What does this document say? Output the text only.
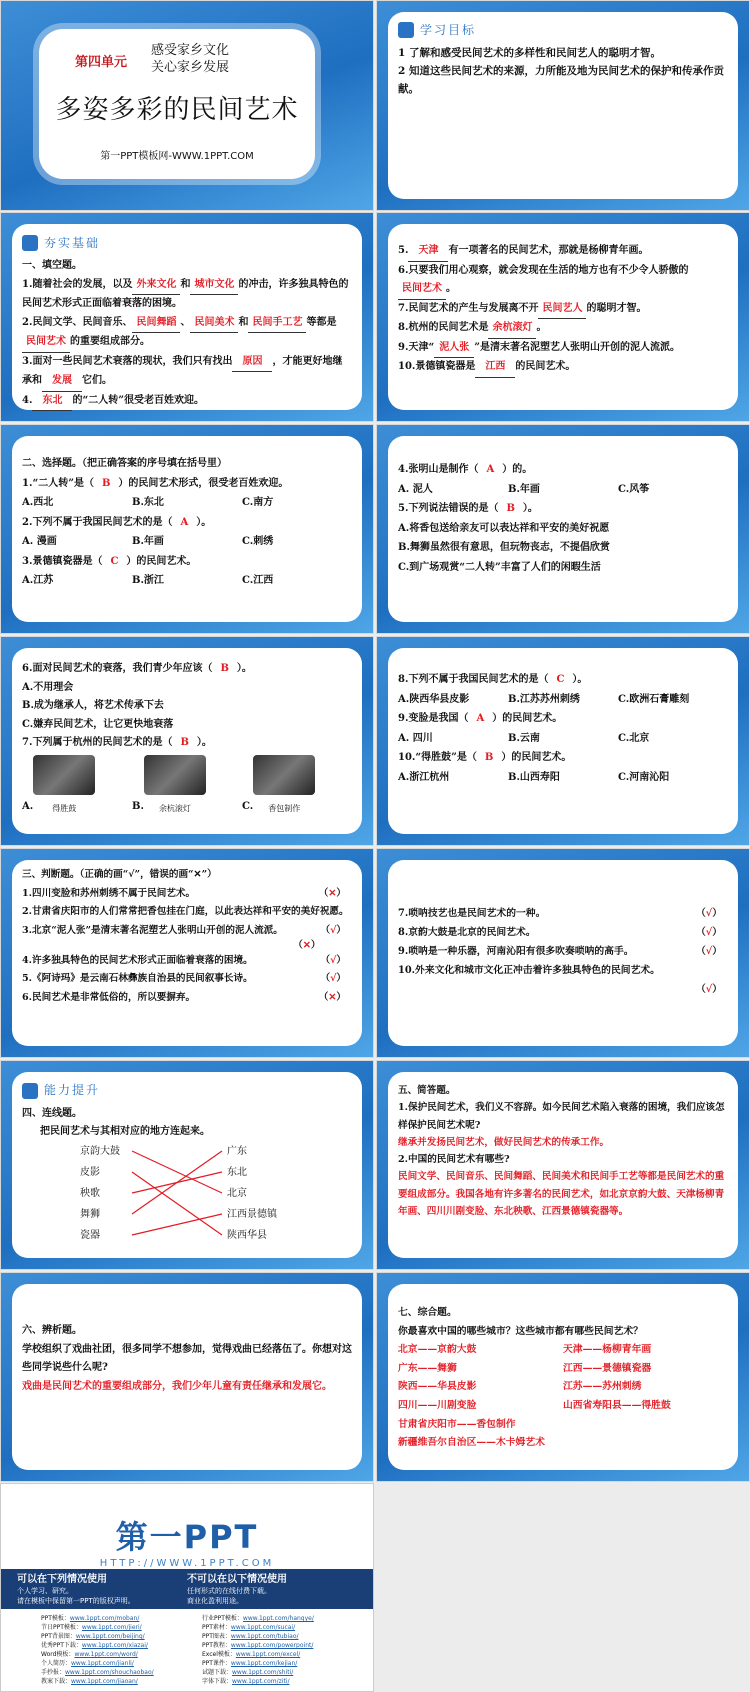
第四单元
感受家乡文化
关心家乡发展
多姿多彩的民间艺术
第一PPT模板网-WWW.1PPT.COM
学习目标
1 了解和感受民间艺术的多样性和民间艺人的聪明才智。
2 知道这些民间艺术的来源，力所能及地为民间艺术的保护和传承作贡献。
夯实基础
一、填空题。
1.随着社会的发展，以及 外来文化 和 城市文化 的冲击，许多独具特色的民间艺术形式正面临着衰落的困境。
2.民间文学、民间音乐、 民间舞蹈 、 民间美术 和 民间手工艺 等都是民间艺术 的重要组成部分。
3.面对一些民间艺术衰落的现状，我们只有找出 原因 ，才能更好地继承和 发展 它们。
4. 东北 的“二人转”很受老百姓欢迎。
5. 天津 有一项著名的民间艺术，那就是杨柳青年画。
6.只要我们用心观察，就会发现在生活的地方也有不少令人骄傲的民间艺术 。
7.民间艺术的产生与发展离不开 民间艺人 的聪明才智。
8.杭州的民间艺术是 余杭滚灯 。
9.天津“ 泥人张 ”是清末著名泥塑艺人张明山开创的泥人流派。
10.景德镇瓷器是 江西 的民间艺术。
二、选择题。（把正确答案的序号填在括号里）
1.“二人转”是（ B ）的民间艺术形式，很受老百姓欢迎。
A.西北	B.东北	C.南方
2.下列不属于我国民间艺术的是（ A ）。
A. 漫画	B.年画	C.刺绣
3.景德镇瓷器是（ C ）的民间艺术。
A.江苏	B.浙江	C.江西
4.张明山是制作（ A ）的。
A. 泥人	B.年画	C.风筝
5.下列说法错误的是（ B ）。
A.将香包送给亲友可以表达祥和平安的美好祝愿
B.舞狮虽然很有意思，但玩物丧志，不提倡欣赏
C.到广场观赏“二人转”丰富了人们的闲暇生活
6.面对民间艺术的衰落，我们青少年应该（ B ）。
A.不用理会
B.成为继承人，将艺术传承下去
C.嫌弃民间艺术，让它更快地衰落
7.下列属于杭州的民间艺术的是（ B ）。
A.	得胜鼓	B.	余杭滚灯	C.	香包制作
8.下列不属于我国民间艺术的是（ C ）。
A.陕西华县皮影	B.江苏苏州刺绣	C.欧洲石膏雕刻
9.变脸是我国（ A ）的民间艺术。
A. 四川	B.云南	C.北京
10.“得胜鼓”是（ B ）的民间艺术。
A.浙江杭州	B.山西寿阳	C.河南沁阳
三、判断题。（正确的画“√”，错误的画“✕”）
1.四川变脸和苏州刺绣不属于民间艺术。	（✕）
2.甘肃省庆阳市的人们常常把香包挂在门庭，以此表达祥和平安的美好祝愿。
（√）
3.北京“泥人张”是清末著名泥塑艺人张明山开创的泥人流派。
（✕）
4.许多独具特色的民间艺术形式正面临着衰落的困境。	（√）
5.《阿诗玛》是云南石林彝族自治县的民间叙事长诗。	（√）
6.民间艺术是非常低俗的，所以要摒弃。	（✕）
7.唢呐技艺也是民间艺术的一种。	（√）
8.京韵大鼓是北京的民间艺术。	（√）
9.唢呐是一种乐器，河南沁阳有很多吹奏唢呐的高手。	（√）
10.外来文化和城市文化正冲击着许多独具特色的民间艺术。
（√）
能力提升
四、连线题。
把民间艺术与其相对应的地方连起来。
京韵大鼓
皮影
秧歌
舞狮
瓷器
广东
东北
北京
江西景德镇
陕西华县
五、简答题。
1.保护民间艺术，我们义不容辞。如今民间艺术陷入衰落的困境，我们应该怎样保护民间艺术呢?
继承并发扬民间艺术，做好民间艺术的传承工作。
2.中国的民间艺术有哪些?
民间文学、民间音乐、民间舞蹈、民间美术和民间手工艺等都是民间艺术的重要组成部分。我国各地有许多著名的民间艺术，如北京京韵大鼓、天津杨柳青年画、四川川剧变脸、东北秧歌、江西景德镇瓷器等。
六、辨析题。
学校组织了戏曲社团，很多同学不想参加，觉得戏曲已经落伍了。你想对这些同学说些什么呢?
戏曲是民间艺术的重要组成部分，我们少年儿童有责任继承和发展它。
七、综合题。
你最喜欢中国的哪些城市？这些城市都有哪些民间艺术？
北京——京韵大鼓	天津——杨柳青年画
广东——舞狮	江西——景德镇瓷器
陕西——华县皮影	江苏——苏州刺绣
四川——川剧变脸	山西省寿阳县——得胜鼓
甘肃省庆阳市——香包制作
新疆维吾尔自治区——木卡姆艺术
第一PPT
HTTP://WWW.1PPT.COM
可以在下列情况使用
个人学习、研究。
请在模板中保留第一PPT的版权声明。
不可以在以下情况使用
任何形式的在线付费下载。
商业化盈利用途。
PPT模板：www.1ppt.com/moban/
节日PPT模板：www.1ppt.com/jieri/
PPT背景图：www.1ppt.com/beijing/
优秀PPT下载：www.1ppt.com/xiazai/
Word模板：www.1ppt.com/word/
个人简历：www.1ppt.com/jianli/
手抄报：www.1ppt.com/shouchaobao/
教案下载：www.1ppt.com/jiaoan/
行业PPT模板：www.1ppt.com/hangye/
PPT素材：www.1ppt.com/sucai/
PPT图表：www.1ppt.com/tubiao/
PPT教程：www.1ppt.com/powerpoint/
Excel模板：www.1ppt.com/excel/
PPT课件：www.1ppt.com/kejian/
试题下载：www.1ppt.com/shiti/
字体下载：www.1ppt.com/ziti/
